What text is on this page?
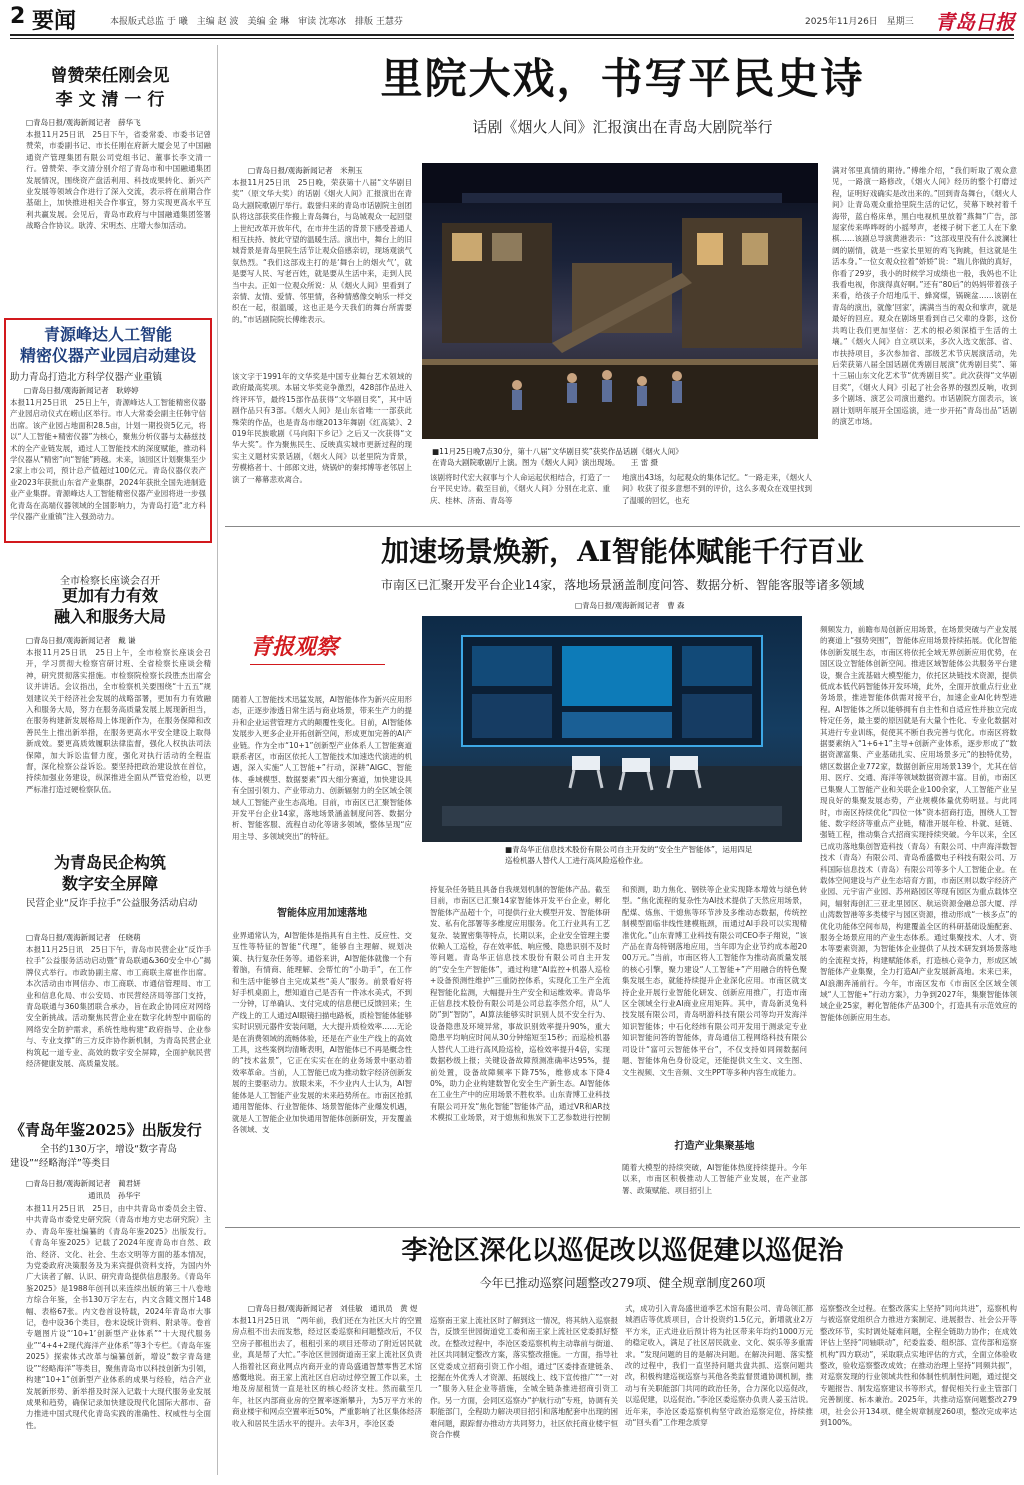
2 要闻	本报版式总监 于 曦　主编 赵 波　美编 金 琳　审读 沈寒冰　排版 王慧芬	2025年11月26日　星期三 青岛日报
曾赞荣任刚会见
李 文 清 一 行
□青岛日报/观海新闻记者　薛华飞
本报11月25日讯　25日下午，省委常委、市委书记曾赞荣，市委副书记、市长任刚在府新大厦会见了中国融通资产管理集团有限公司党组书记、董事长李文清一行。曾赞荣、李文清分别介绍了青岛市和中国融通集团发展情况，围绕资产盘活利用、科技成果转化、新兴产业发展等领域合作进行了深入交流，表示将在前期合作基础上，加快推进相关合作事宜，努力实现更高水平互利共赢发展。会见后，青岛市政府与中国融通集团签署战略合作协议。耿涛、宋明杰、庄增大参加活动。
青源峰达人工智能
精密仪器产业园启动建设
助力青岛打造北方科学仪器产业重镇
□青岛日报/观海新闻记者　耿婷婷
本报11月25日讯　25日上午，青源峰达人工智能精密仪器产业园启动仪式在崂山区举行。市人大常委会副主任韩守信出席。该产业园占地面积28.5亩，计划一期投资5亿元，将以“人工智能+精密仪器”为核心，聚焦分析仪器与太赫兹技术的全产业链发展，通过人工智能技术的深度赋能，推动科学仪器从“精密”向“智能”跨越。未来，该园区计划聚集至少2家上市公司，预计总产值超过100亿元。青岛仪器仪表产业2023年获批山东省产业集群，2024年获批全国先进制造业产业集群。青源峰达人工智能精密仪器产业园将进一步强化青岛在高端仪器领域的全国影响力，为青岛打造“北方科学仪器产业重镇”注入强劲动力。
全市检察长座谈会召开
更加有力有效
融入和服务大局
□青岛日报/观海新闻记者　戴 谦
本报11月25日讯　25日上午，全市检察长座谈会召开，学习贯彻大检察官研讨班、全省检察长座谈会精神，研究贯彻落实措施。市检察院检察长段胜杰出席会议并讲话。会议指出，全市检察机关要围绕“十五五”规划建议关于经济社会发展的战略部署，更加有力有效融入和服务大局，努力在服务高质量发展上展现新担当，在服务构建新发展格局上体现新作为，在服务保障和改善民生上推出新举措，在服务更高水平安全建设上取得新成效。要更高质效履职法律监督，强化人权执法司法保障，加大诉讼监督力度，强化对执行活动的全程监督，深化检察公益诉讼。要坚持把政治建设放在首位，持续加强业务建设，纵深推进全面从严管党治检，以更严标准打造过硬检察队伍。
为青岛民企构筑
数字安全屏障
民营企业“反诈手拉手”公益服务活动启动
□青岛日报/观海新闻记者　任晓萌
本报11月25日讯　25日下午，青岛市民营企业“反诈手拉手”公益服务活动启动暨“青岛联通&360安全中心”揭牌仪式举行。市政协副主席、市工商联主席崔作出席。本次活动由市网信办、市工商联、市通信管理局、市工业和信息化局、市公安局、市民营经济局等部门支持，青岛联通与360集团联合承办，旨在政企协同应对网络安全新挑战。活动聚焦民营企业在数字化转型中面临的网络安全防护需求，系统性地构建“政府指导、企业参与、专业支撑”的三方反诈协作新机制，为青岛民营企业构筑起一道专业、高效的数字安全屏障，全面护航民营经济健康发展、高质量发展。
《青岛年鉴2025》出版发行
全书约130万字，增设“数字青岛
建设”“经略海洋”等类目
□青岛日报/观海新闻记者　蔺君妍
通讯员　孙华宇
本报11月25日讯　25日，由中共青岛市委员会主管、中共青岛市委党史研究院（青岛市地方史志研究院）主办、青岛年鉴社编纂的《青岛年鉴2025》出版发行。《青岛年鉴2025》记载了2024年度青岛市自然、政治、经济、文化、社会、生态文明等方面的基本情况，为党委政府决策服务及为来宾提供资料支持，为国内外广大读者了解、认识、研究青岛提供信息服务。《青岛年鉴2025》是1988年创刊以来连续出版的第三十八卷地方综合年鉴，全书130万字左右，内文含随文图片148幅、表格67张。内文卷首设特载，2024年青岛市大事记，卷中设36个类目，卷末设统计资料、附录等。卷首专题图片设“‘10+1’创新型产业体系”“十大现代服务业”“4+4+2现代海洋产业体系”等3个专栏。《青岛年鉴2025》探索体式改革与编纂创新，增设“数字青岛建设”“经略海洋”等类目，聚焦青岛市以科技创新为引领，构建“10+1”创新型产业体系的成果与经验，结合产业发展新形势、新举措及时深入记载十大现代服务业发展成果和趋势，确保记录加快建设现代化国际大都市、奋力推进中国式现代化青岛实践的准确性、权威性与全面性。
里院大戏，书写平民史诗
话剧《烟火人间》汇报演出在青岛大剧院举行
□青岛日报/观海新闻记者　米荆玉
本报11月25日讯　25日晚，荣获第十八届“文华剧目奖”（原文华大奖）的话剧《烟火人间》汇报演出在青岛大剧院歌剧厅举行。载誉归来的青岛市话剧院主创团队将这部获奖佳作搬上青岛舞台，与岛城观众一起回望上世纪改革开放年代，在市井生活的背景下感受普通人相互扶持、彼此守望的温暖生活。演出中，舞台上的旧城背景是青岛里院生活节让观众倍感亲切，现场观演气氛热烈。“我们这部戏主打的是‘舞台上的烟火气’，就是要写人民、写老百姓，就是要从生活中来，走到人民当中去。正如一位观众所说：从《烟火人间》里看到了亲情、友情、爱情、邻里情，各种情感像交响乐一样交织在一起，很温暖，这也正是今天我们的舞台所需要的。”市话剧院院长傅维表示。
该文字于1991年的文华奖是中国专业舞台艺术领域的政府最高奖项。本届文华奖竞争激烈，428部作品进入终评环节，最终15部作品获得“文华剧目奖”，其中话剧作品只有3部。《烟火人间》是山东省唯一一部获此殊荣的作品，也是青岛市继2013年舞剧《红高粱》、2019年民族歌剧《马向阳下乡记》之后又一次获得“文华大奖”。作为聚焦民生、反映真实城市更新过程的现实主义题材实景话剧，《烟火人间》以老里院为背景，劳模格者十、十郎郎文进，烧锅炉的秦邦博等老邻居上演了一幕幕悲欢离合。
■11月25日晚7点30分，第十八届“文华剧目奖”获奖作品话剧《烟火人间》
在青岛大剧院歌剧厅上演。图为《烟火人间》演出现场。　　王 雷 摄
该剧将时代宏大叙事与个人命运起伏相结合，打造了一台平民史诗。截至目前，《烟火人间》分别在北京、重庆、桂林、济南、青岛等
地演出43场，勾起观众的集体记忆。“一路走来，《烟火人间》收获了很多意想不到的评价，这么多观众在戏里找到了温暖的回忆，也充
满对邻里真情的期待。”傅维介绍，“我们听取了观众意见，一路演一路修改，《烟火人间》经历的整个打磨过程，证明好戏确实是改出来的。”回到青岛舞台，《烟火人间》让青岛观众重拾里院生活的记忆，荧幕下映衬着千海带，蓝白格床单，黑白电视机里放着“燕舞”广告，部屋家传来哗哗呀的小摇琴声，老楼子树下老工人在下象棋……该剧总导演黄港表示：“这部戏里没有什么波澜壮阔的剧情，就是一些家长里短的鸡飞狗跳，但这就是生活本身。”一位女观众拉着“娇娇”说：“瑞儿你做的真好，你看了29岁，我小的时候学习成绩也一般，我妈也不让我看电视，你演得真好啊。”还有“80后”的妈妈带着孩子来看，给孩子介绍地瓜干、蜂窝煤，锅碗盆……该剧在青岛的演出，就像‘回家’，满满当当的观众和掌声，就是最好的回应。观众在剧场里看到自己父辈的身影，这份共鸣让我们更加坚信：艺术的根必须深植于生活的土壤。”《烟火人间》自立项以来，多次入选文旅部、省、市扶持项目，多次参加省、部级艺术节庆展演活动，先后荣获第八届全国话剧优秀剧目展演“优秀剧目奖”、第十三届山东文化艺术节“优秀剧目奖”。此次获得“文华剧目奖”，《烟火人间》引起了社会各界的强烈反响，收到多个剧场、演艺公司演出邀约。市话剧院方面表示，该剧计划明年展开全国巡演，进一步开拓“青岛出品”话剧的演艺市场。
加速场景焕新，AI智能体赋能千行百业
市南区已汇聚开发平台企业14家，落地场景涵盖制度问答、数据分析、智能客服等诸多领域
□青岛日报/观海新闻记者　曹 森
青报观察
随着人工智能技术迅猛发展，AI智能体作为新兴应用形态，正逐步渗透日常生活与商业场景，带来生产力的提升和企业运营管理方式的颠覆性变化。目前，AI智能体发展步入更多企业开拓创新空间，形成更加完善的AI产业链。作为全市“10+1”创新型产业体系人工智能赛道联系者区，市南区依托人工智能技术加速迭代演进的机遇，深入实施“人工智能+”行动，深耕“AIGC、智能体、垂域模型、数据要素”四大细分赛道，加快建设具有全国引领力、产业带动力、创新辐射力的全区域全领域人工智能产业生态高地。目前，市南区已汇聚智能体开发平台企业14家，落地场景涵盖制度问答、数据分析、智能客服、流程自动化等诸多领域，整体呈现“应用主导、多领域突出”的特征。
■青岛华正信息技术股份有限公司自主开发的“安全生产智能体”，运用四足
巡检机器人替代人工进行高风险巡检作业。
智能体应用加速落地
业界通常认为，AI智能体是指具有自主性、反应性、交互性等特征的智能“代理”，能够自主理解、规划决策、执行复杂任务等。通俗来讲，AI智能体就像一个有着脑，有情商、能理解、会帮忙的“小助手”，在工作和生活中能够自主完成某些“美人”服务。前景看好将好手机桌面上，想知道自己是否有一件冰水美式，不到一分钟，订单确认、支付完成的信息便已反馈回来；生产线上的工人通过AI眼镜扫描电路板，质检智能体能够实时识别元器件安装问题，大大提升质检效率……无论是在消费领域的流畅体验，还是在产业生产线上的高效工具，这些案例均清晰表明，AI智能体已不再是概念性的“技术盆景”，它正在实实在在的业务场景中驱动着效率革命。当前，人工智能已成为推动数字经济创新发展的主要驱动力。放眼未来，不少业内人士认为，AI智能体是人工智能产业发展的未来趋势所在。市南区抢抓通用智能体、行业智能体、场景智能体产业爆发机遇，就是人工智能企业加快通用智能体创新研发，开发覆盖各领域、支
持复杂任务链且具备自我规划机制的智能体产品。截至目前，市南区已汇聚14家智能体开发平台企业，孵化智能体产品超十个，可提供行业大模型开发、智能体研发、私有化部署等多维度应用服务。化工行业具有工艺复杂、装置密集等特点，长期以来，企业安全管理主要依赖人工巡检，存在效率低、响应慢、隐患识别不及时等问题。青岛华正信息技术股份有限公司自主开发的“安全生产智能体”，通过构建“AI监控+机器人巡检+设备预测性维护”三重防控体系，实现化工生产全流程智能化监测，大幅提升生产安全和运维效率。青岛华正信息技术股份有限公司是公司总监李然介绍，从“人防”到“智防”，AI算法能够实时识别人员不安全行为、设备隐患及环境异常，事故识别效率提升90%，重大隐患平均响应时间从30分钟缩短至15秒；而巡检机器人替代人工进行高风险巡检，巡检效率提升4倍，实现数据秒级上报；关键设备故障预测准确率达95%，提前处置，设备故障频率下降75%，维修成本下降40%，助力企业构建数智化安全生产新生态。AI智能体在工业生产中的应用场景不胜枚举。山东青博工业科技有限公司开发“焦化智能”智能体产品，通过VR和AR技术模拟工业场景，对于熄焦和焦炭下工艺参数进行控制
和预测，助力焦化、钢铁等企业实现降本增效与绿色转型。“焦化流程的复杂性为AI技术提供了天然应用场景，配煤、炼焦、干熄焦等环节涉及多维动态数据，传统控制模型面临非线性建模瓶颈，而通过AI手段可以实现精准优化。”山东青博工业科技有限公司CEO李子翔说，“该产品在青岛特钢落地应用，当年即为企业节约成本超2000万元。”当前，市南区将人工智能作为推动高质量发展的核心引擎，聚力建设“人工智能+”产用融合的特色聚集发展生态，就能持续提升企业深化应用。市南区就支持企业开展行业智能化研发、创新应用推广，打造市南区全领域全行业AI商业应用矩阵。其中，青岛新灵兔科技发展有限公司，青岛明游科技有限公司等均开发海洋知识智能体；中石化经纬有限公司开发用于测录定专业知识智能问答的智能体，青岛通信工程网络科技有限公司设计“富可云智能体平台”，不仅支持如同闹数据问题、智能体角色身份设定，还能提供文生文、文生图、文生视频、文生音频、文生PPT等多种内容生成能力。
打造产业集聚基地
随着大模型的持续突破，AI智能体热度持续提升。今年以来，市南区积极推动人工智能产业发展，在产业部署、政策赋能、项目招引上
频频发力，前瞻布局创新应用场景，在场景突破与产业发展的赛道上“强势突围”，智能体应用场景持续拓展。优化智能体创新发展生态，市南区将依托全域无界创新应用优势，在国区设立智能体创新空间。推进区域智能体公共服务平台建设，聚合主流基础大模型能力，依托区块链技术资源，提供低成本低代码智能体开发环境，此外，全面开放重点行业业务场景，推进智能体供需对接平台，加速企业AI化转型进程。AI智能体之所以能够拥有自主性和自适应性并独立完成特定任务，最主要的原因就是有大量个性化、专业化数据对其进行专业训练，促使其不断自我完善与优化。市南区将数据要素纳入“1+6+1”主导+创新产业体系，逐步形成了“数据资源富集、产业基础扎实、应用场景多元”的独特优势，辖区数据企业772家，数据创新应用场景139个，尤其在信用、医疗、交通、海洋等领域数据资源丰富。目前，市南区已集聚人工智能产业和关联企业100余家，人工智能产业呈现良好的集聚发展态势，产业规模体量优势明显。与此同时，市南区持续优化“四位一体”资本招商打造，围绕人工智能、数字经济等重点产业链，精准开展年检、朴就、延链、强链工程，推动集合式招商实现持续突破。今年以来，全区已成功落地集创智造科技（青岛）有限公司、中声海洋数智技术（青岛）有限公司、青岛希盛微电子科技有限公司、万科国际信息技术（青岛）有限公司等多个人工智能企业。在载体空间建设与产业生态培育方面，市南区则以数字经济产业园、元宇宙产业园、苏州路园区等现有园区为重点载体空间，辐射海创汇三亚北里园区、航运资源金融总部大厦、浮山湾数智港等多类楼宇与园区资源，推动形成“一核多点”的优化功能体空间布局，构建覆盖全区的科研基础设施配套、服务全场景应用的产业生态体系。通过集聚技术、人才、资本等要素资源，为智能体企业提供了从技术研发到场景落地的全流程支持，构建赋能体系，打造核心竞争力，形成区域智能体产业集聚，全力打造AI产业发展新高地。未来已来，AI浪潮奔涌前行。今年，市南区发布《市南区全区域全领域“人工智能+”行动方案》，力争到2027年，集聚智能体领域企业25家，孵化智能体产品300个，打造具有示范效应的智能体创新应用生态。
李沧区深化以巡促改以巡促建以巡促治
今年已推动巡察问题整改279项、健全规章制度260项
□青岛日报/观海新闻记者　刘佳敏　通讯员　黄 煜
本报11月25日讯　“两年前，我们还在为社区大片的空置房点租不出去而发愁，经过区委巡察和问题整改后，不仅空房子都租出去了，租租引来的项目还带动了附近居民就业，真是帮了大忙。”李沧区世园街道南王家上流社区负责人指着社区商业网点内商开业的青岛盛通智慧零售艺术馆感慨地说。南王家上流社区自启动过停空置工作以来，土地及房屋租赁一直是社区的核心经济支柱。然而截至几年，社区内部商业房的空置率逐渐攀升，为5万平方米的商业楼宇和网点空置率近50%，严重影响了社区集体经济收入和居民生活水平的提升。去年3月，李沧区委
巡察南王家上流社区时了解到这一情况，将其纳入巡察报告，反馈至世园街道党工委和南王家上流社区党委抓好整改。在整改过程中，李沧区委巡察机构主动靠前与街道、社区共同制定整改方案，落实整改措施。一方面，指导社区党委成立招商引资工作小组，通过“区委排查建链条、挖掘在外优秀人才资源、拓展线上、线下宣传推广”“一对一”服务入驻企业等措施，全城全链条推进招商引资工作。另一方面，会同区巡察办“护航行动”专班，协调有关职能部门，全程助力解决项目招引和落地配套中出现的困难问题，跟踪督办推动方共同努力，社区依托商业楼宇恒资合作模
式，成功引入青岛盛世道季艺术馆有限公司、青岛领汇都城酒店等优质项目，合计投资约1.5亿元，新增就业2万平方米，正式进业后预计将为社区带来年均约1000万元的稳定收入，满足了社区居民就业、文化、娱乐等多重需求。“发现问题的目的是解决问题。在解决问题、落实整改的过程中，我们一直坚持问题共盘共抓、巡察问题共改，积极构建巡视巡察与其他各类监督贯通协调机制，推动与有关职能部门共同的政治任务，合力深化以巡促改，以巡促建，以巡促治。”李沧区委巡察办负责人姜玉洁说。近年来，李沧区委巡察机构坚守政治巡察定位，持续推动“回头看”工作理念质穿
巡察整改全过程。在整改落实上坚持“同向共进”，巡察机构与被巡察党组织合力推进方案制定、进展报告、社会公开等整改环节，实时调处疑难问题，全程全链助力协作；在成效评估上坚持“同轴联动”，纪委监委、组织部、宣传部和巡察机构“四方联动”，采取联点实地评估的方式，全面立体验收整改，验收巡察整改成效；在推动治理上坚持“同频共振”，对巡察发现的行业领域共性和体制性机制性问题，通过提交专题报告、制发巡察建议书等形式，督促相关行业主管部门完善制度、标本兼治。2025年，共推动巡察问题整改279项，社会公开134项、健全规章制度260项，整改完成率达到100%。
